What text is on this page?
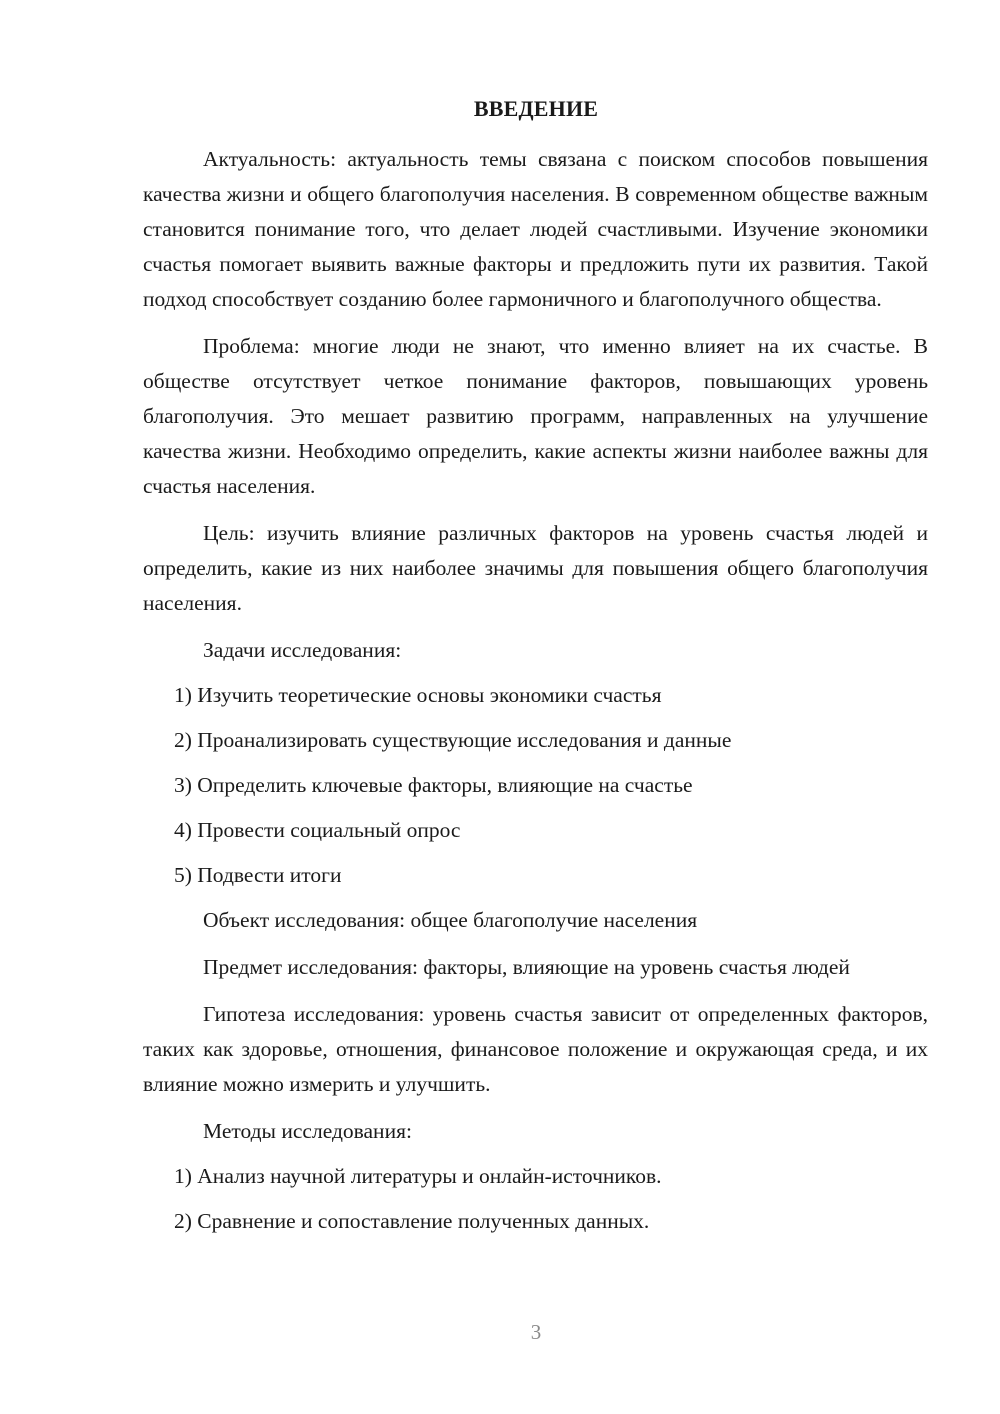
ВВЕДЕНИЕ

Актуальность: актуальность темы связана с поиском способов повышения качества жизни и общего благополучия населения. В современном обществе важным становится понимание того, что делает людей счастливыми. Изучение экономики счастья помогает выявить важные факторы и предложить пути их развития. Такой подход способствует созданию более гармоничного и благополучного общества.

Проблема: многие люди не знают, что именно влияет на их счастье. В обществе отсутствует четкое понимание факторов, повышающих уровень благополучия. Это мешает развитию программ, направленных на улучшение качества жизни. Необходимо определить, какие аспекты жизни наиболее важны для счастья населения.

Цель: изучить влияние различных факторов на уровень счастья людей и определить, какие из них наиболее значимы для повышения общего благополучия населения.

Задачи исследования:
1) Изучить теоретические основы экономики счастья
2) Проанализировать существующие исследования и данные
3) Определить ключевые факторы, влияющие на счастье
4) Провести социальный опрос
5) Подвести итоги

Объект исследования: общее благополучие населения

Предмет исследования: факторы, влияющие на уровень счастья людей

Гипотеза исследования: уровень счастья зависит от определенных факторов, таких как здоровье, отношения, финансовое положение и окружающая среда, и их влияние можно измерить и улучшить.

Методы исследования:
1) Анализ научной литературы и онлайн-источников.
2) Сравнение и сопоставление полученных данных.
3
